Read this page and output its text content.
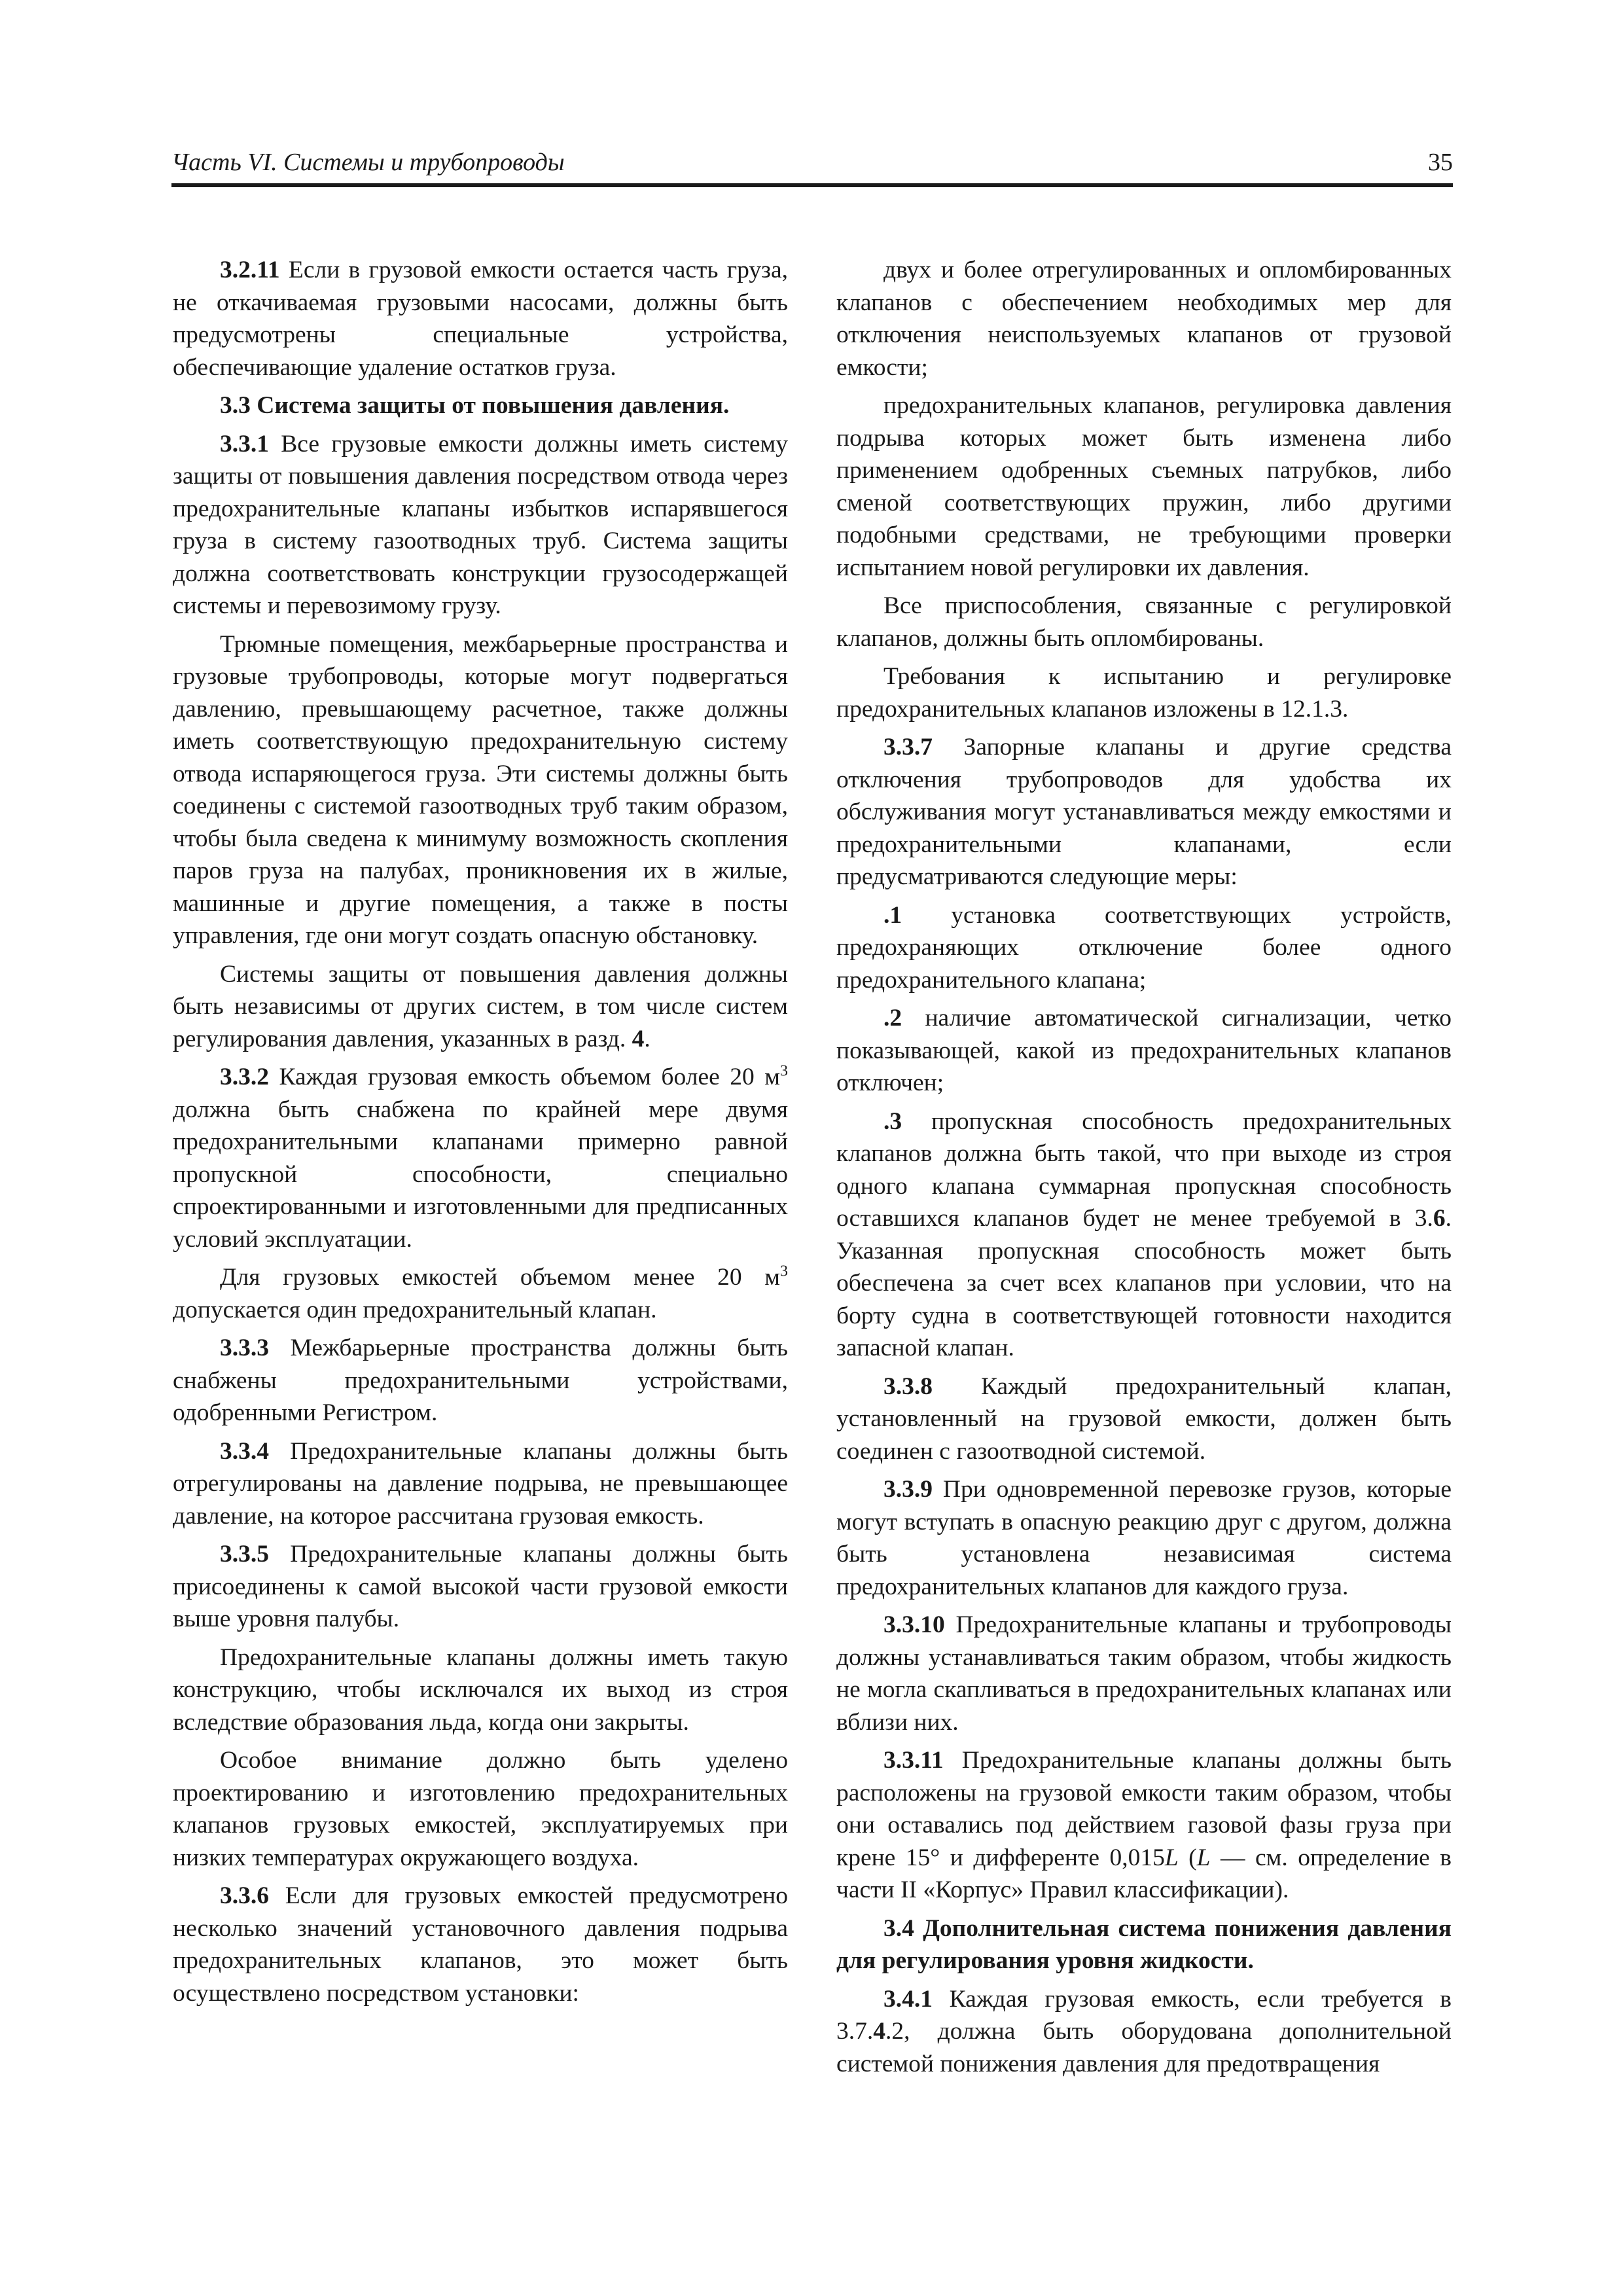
Часть VI. Системы и трубопроводы	35

3.2.11 Если в грузовой емкости остается часть груза, не откачиваемая грузовыми насосами, должны быть предусмотрены специальные устройства, обеспечивающие удаление остатков груза.

3.3 Система защиты от повышения давления.

3.3.1 Все грузовые емкости должны иметь систему защиты от повышения давления посредством отвода через предохранительные клапаны избытков испарявшегося груза в систему газоотводных труб. Система защиты должна соответствовать конструкции грузосодержащей системы и перевозимому грузу.

Трюмные помещения, межбарьерные пространства и грузовые трубопроводы, которые могут подвергаться давлению, превышающему расчетное, также должны иметь соответствующую предохранительную систему отвода испаряющегося груза. Эти системы должны быть соединены с системой газоотводных труб таким образом, чтобы была сведена к минимуму возможность скопления паров груза на палубах, проникновения их в жилые, машинные и другие помещения, а также в посты управления, где они могут создать опасную обстановку.

Системы защиты от повышения давления должны быть независимы от других систем, в том числе систем регулирования давления, указанных в разд. 4.

3.3.2 Каждая грузовая емкость объемом более 20 $м^3$ должна быть снабжена по крайней мере двумя предохранительными клапанами примерно равной пропускной способности, специально спроектированными и изготовленными для предписанных условий эксплуатации.

Для грузовых емкостей объемом менее 20 $м^3$ допускается один предохранительный клапан.

3.3.3 Межбарьерные пространства должны быть снабжены предохранительными устройствами, одобренными Регистром.

3.3.4 Предохранительные клапаны должны быть отрегулированы на давление подрыва, не превышающее давление, на которое рассчитана грузовая емкость.

3.3.5 Предохранительные клапаны должны быть присоединены к самой высокой части грузовой емкости выше уровня палубы.

Предохранительные клапаны должны иметь такую конструкцию, чтобы исключался их выход из строя вследствие образования льда, когда они закрыты.

Особое внимание должно быть уделено проектированию и изготовлению предохранительных клапанов грузовых емкостей, эксплуатируемых при низких температурах окружающего воздуха.

3.3.6 Если для грузовых емкостей предусмотрено несколько значений установочного давления подрыва предохранительных клапанов, это может быть осуществлено посредством установки:

двух и более отрегулированных и опломбированных клапанов с обеспечением необходимых мер для отключения неиспользуемых клапанов от грузовой емкости;

предохранительных клапанов, регулировка давления подрыва которых может быть изменена либо применением одобренных съемных патрубков, либо сменой соответствующих пружин, либо другими подобными средствами, не требующими проверки испытанием новой регулировки их давления.

Все приспособления, связанные с регулировкой клапанов, должны быть опломбированы.

Требования к испытанию и регулировке предохранительных клапанов изложены в 12.1.3.

3.3.7 Запорные клапаны и другие средства отключения трубопроводов для удобства их обслуживания могут устанавливаться между емкостями и предохранительными клапанами, если предусматриваются следующие меры:

.1 установка соответствующих устройств, предохраняющих отключение более одного предохранительного клапана;

.2 наличие автоматической сигнализации, четко показывающей, какой из предохранительных клапанов отключен;

.3 пропускная способность предохранительных клапанов должна быть такой, что при выходе из строя одного клапана суммарная пропускная способность оставшихся клапанов будет не менее требуемой в 3.6. Указанная пропускная способность может быть обеспечена за счет всех клапанов при условии, что на борту судна в соответствующей готовности находится запасной клапан.

3.3.8 Каждый предохранительный клапан, установленный на грузовой емкости, должен быть соединен с газоотводной системой.

3.3.9 При одновременной перевозке грузов, которые могут вступать в опасную реакцию друг с другом, должна быть установлена независимая система предохранительных клапанов для каждого груза.

3.3.10 Предохранительные клапаны и трубопроводы должны устанавливаться таким образом, чтобы жидкость не могла скапливаться в предохранительных клапанах или вблизи них.

3.3.11 Предохранительные клапаны должны быть расположены на грузовой емкости таким образом, чтобы они оставались под действием газовой фазы груза при крене 15° и дифференте 0,015L (L — см. определение в части II «Корпус» Правил классификации).

3.4 Дополнительная система понижения давления для регулирования уровня жидкости.

3.4.1 Каждая грузовая емкость, если требуется в 3.7.4.2, должна быть оборудована дополнительной системой понижения давления для предотвращения
